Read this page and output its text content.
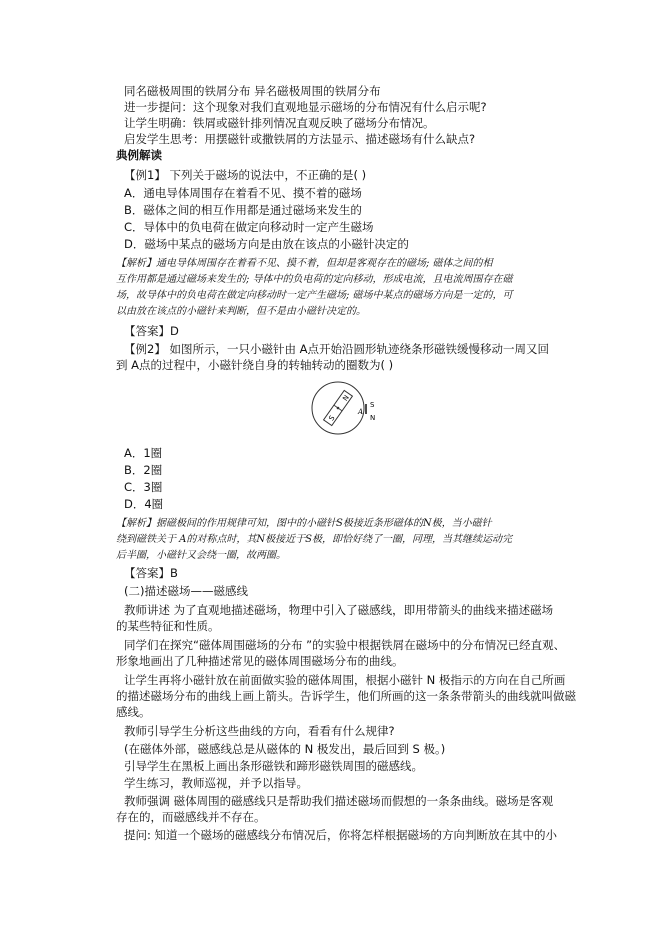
同名磁极周围的铁屑分布 异名磁极周围的铁屑分布
进一步提问：这个现象对我们直观地显示磁场的分布情况有什么启示呢?
让学生明确：铁屑或磁针排列情况直观反映了磁场分布情况。
启发学生思考：用摆磁针或撒铁屑的方法显示、描述磁场有什么缺点?
典例解读
【例1】 下列关于磁场的说法中，不正确的是( )
A．通电导体周围存在着看不见、摸不着的磁场
B．磁体之间的相互作用都是通过磁场来发生的
C．导体中的负电荷在做定向移动时一定产生磁场
D．磁场中某点的磁场方向是由放在该点的小磁针决定的
【解析】通电导体周围存在着看不见、摸不着，但却是客观存在的磁场; 磁体之间的相
互作用都是通过磁场来发生的; 导体中的负电荷的定向移动，形成电流，且电流周围存在磁
场，故导体中的负电荷在做定向移动时一定产生磁场; 磁场中某点的磁场方向是一定的，可
以由放在该点的小磁针来判断，但不是由小磁针决定的。
【答案】D
【例2】 如图所示，一只小磁针由 A点开始沿圆形轨迹绕条形磁铁缓慢移动一周又回
到 A点的过程中，小磁针绕自身的转轴转动的圈数为( )
S
N
A
S
N
A．1圈
B．2圈
C．3圈
D．4圈
【解析】据磁极间的作用规律可知，图中的小磁针S极接近条形磁体的N极，当小磁针
绕到磁铁关于 A的对称点时，其N极接近于S极，即恰好绕了一圈，同理，当其继续运动完
后半圈，小磁针又会绕一圈，故两圈。
【答案】B
(二)描述磁场——磁感线
教师讲述 为了直观地描述磁场，物理中引入了磁感线，即用带箭头的曲线来描述磁场
的某些特征和性质。
同学们在探究“磁体周围磁场的分布 ”的实验中根据铁屑在磁场中的分布情况已经直观、
形象地画出了几种描述常见的磁体周围磁场分布的曲线。
让学生再将小磁针放在前面做实验的磁体周围，根据小磁针 N 极指示的方向在自己所画
的描述磁场分布的曲线上画上箭头。告诉学生，他们所画的这一条条带箭头的曲线就叫做磁
感线。
教师引导学生分析这些曲线的方向，看看有什么规律?
(在磁体外部，磁感线总是从磁体的 N 极发出，最后回到 S 极。)
引导学生在黑板上画出条形磁铁和蹄形磁铁周围的磁感线。
学生练习，教师巡视，并予以指导。
教师强调 磁体周围的磁感线只是帮助我们描述磁场而假想的一条条曲线。磁场是客观
存在的，而磁感线并不存在。
提问: 知道一个磁场的磁感线分布情况后，你将怎样根据磁场的方向判断放在其中的小
